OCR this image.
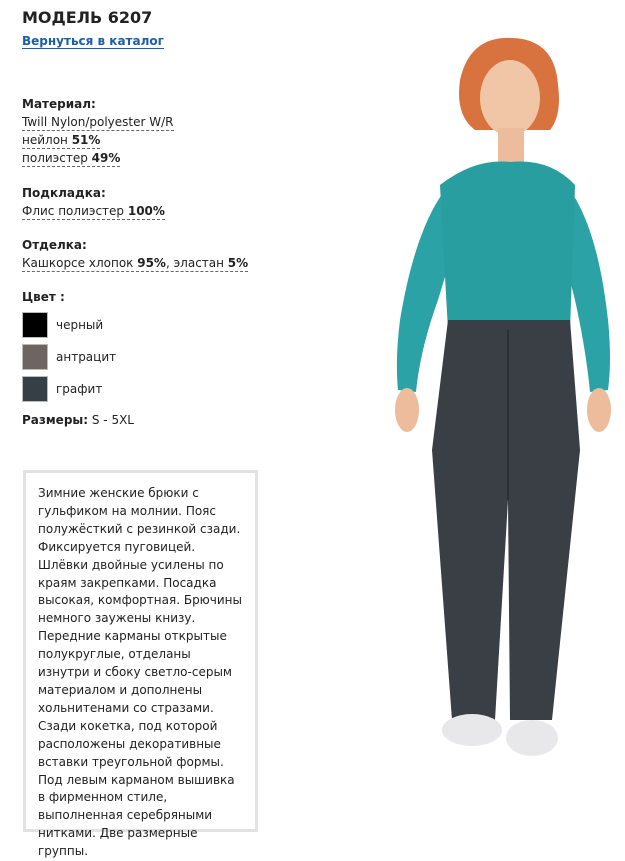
МОДЕЛЬ 6207
Вернуться в каталог
Материал:
Twill Nylon/polyester W/R
нейлон 51%
полиэстер 49%
Подкладка:
Флис полиэстер 100%
Отделка:
Кашкорсе хлопок 95%, эластан 5%
Цвет :
черный
антрацит
графит
Размеры: S - 5XL
Зимние женские брюки с гульфиком на молнии. Пояс полужёсткий с резинкой сзади. Фиксируется пуговицей. Шлёвки двойные усилены по краям закрепками. Посадка высокая, комфортная. Брючины немного заужены книзу. Передние карманы открытые полукруглые, отделаны изнутри и сбоку светло-серым материалом и дополнены хольнитенами со стразами. Сзади кокетка, под которой расположены декоративные вставки треугольной формы. Под левым карманом вышивка в фирменном стиле, выполненная серебряными нитками. Две размерные группы.
